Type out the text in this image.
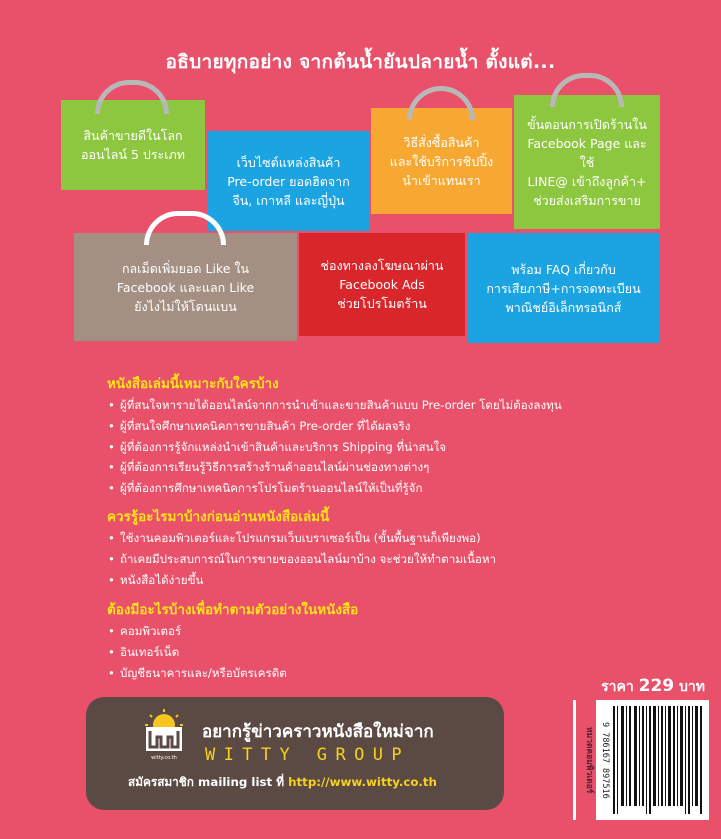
อธิบายทุกอย่าง จากต้นน้ำยันปลายน้ำ ตั้งแต่...
สินค้าขายดีในโลก
ออนไลน์ 5 ประเภท	เว็บไซต์แหล่งสินค้า
Pre-order ยอดฮิตจาก
จีน, เกาหลี และญี่ปุ่น
วิธีสั่งซื้อสินค้า
และใช้บริการชิปปิ้ง
นำเข้าแทนเรา
ขั้นตอนการเปิดร้านใน
Facebook Page และใช้
LINE@ เข้าถึงลูกค้า+
ช่วยส่งเสริมการขาย
กลเม็ดเพิ่มยอด Like ใน
Facebook และแลก Like
ยังไงไม่ให้โดนแบน
ช่องทางลงโฆษณาผ่าน
Facebook Ads
ช่วยโปรโมตร้าน
พร้อม FAQ เกี่ยวกับ
การเสียภาษี+การจดทะเบียน
พาณิชย์อิเล็กทรอนิกส์
หนังสือเล่มนี้เหมาะกับใครบ้าง
• ผู้ที่สนใจหารายได้ออนไลน์จากการนำเข้าและขายสินค้าแบบ Pre-order โดยไม่ต้องลงทุน
• ผู้ที่สนใจศึกษาเทคนิคการขายสินค้า Pre-order ที่ได้ผลจริง
• ผู้ที่ต้องการรู้จักแหล่งนำเข้าสินค้าและบริการ Shipping ที่น่าสนใจ
• ผู้ที่ต้องการเรียนรู้วิธีการสร้างร้านค้าออนไลน์ผ่านช่องทางต่างๆ
• ผู้ที่ต้องการศึกษาเทคนิคการโปรโมตร้านออนไลน์ให้เป็นที่รู้จัก
ควรรู้อะไรมาบ้างก่อนอ่านหนังสือเล่มนี้
• ใช้งานคอมพิวเตอร์และโปรแกรมเว็บเบราเซอร์เป็น (ขั้นพื้นฐานก็เพียงพอ)
• ถ้าเคยมีประสบการณ์ในการขายของออนไลน์มาบ้าง จะช่วยให้ทำตามเนื้อหา
• หนังสือได้ง่ายขึ้น
ต้องมีอะไรบ้างเพื่อทำตามตัวอย่างในหนังสือ
• คอมพิวเตอร์
• อินเทอร์เน็ต
• บัญชีธนาคารและ/หรือบัตรเครดิต
ราคา 229 บาท
witty.co.th
อยากรู้ข่าวคราวหนังสือใหม่จาก
WITTY GROUP
สมัครสมาชิก mailing list ที่ http://www.witty.co.th	หมวดคอมพิวเตอร์ 9 786167 897516
